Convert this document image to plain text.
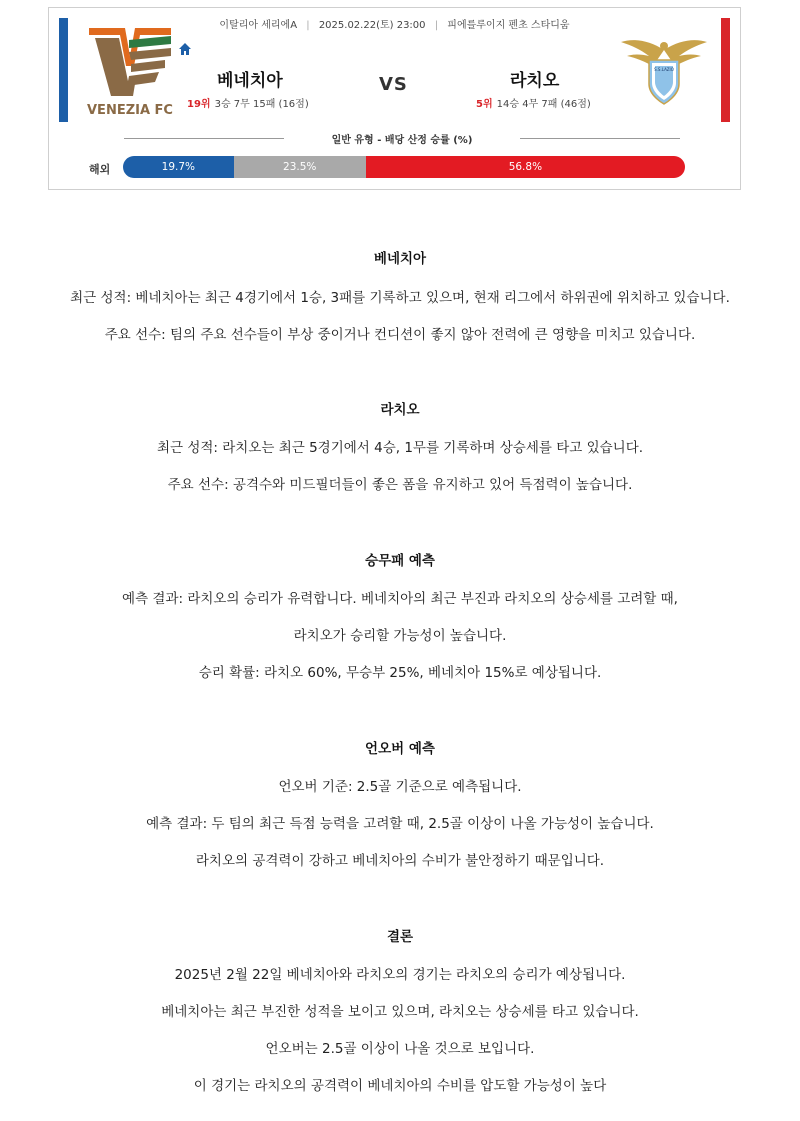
이탈리아 세리에A | 2025.02.22(토) 23:00 | 피에를루이지 펜초 스타디움
VENEZIA FC
베네치아
19위 3승 7무 15패 (16점)
VS	라치오
5위 14승 4무 7패 (46점)
S.S.LAZIO
일반 유형 - 배당 산정 승률 (%)
해외	19.7%	23.5%	56.8%
베네치아
최근 성적: 베네치아는 최근 4경기에서 1승, 3패를 기록하고 있으며, 현재 리그에서 하위권에 위치하고 있습니다.
주요 선수: 팀의 주요 선수들이 부상 중이거나 컨디션이 좋지 않아 전력에 큰 영향을 미치고 있습니다.
라치오
최근 성적: 라치오는 최근 5경기에서 4승, 1무를 기록하며 상승세를 타고 있습니다.
주요 선수: 공격수와 미드필더들이 좋은 폼을 유지하고 있어 득점력이 높습니다.
승무패 예측
예측 결과: 라치오의 승리가 유력합니다. 베네치아의 최근 부진과 라치오의 상승세를 고려할 때,
라치오가 승리할 가능성이 높습니다.
승리 확률: 라치오 60%, 무승부 25%, 베네치아 15%로 예상됩니다.
언오버 예측
언오버 기준: 2.5골 기준으로 예측됩니다.
예측 결과: 두 팀의 최근 득점 능력을 고려할 때, 2.5골 이상이 나올 가능성이 높습니다.
라치오의 공격력이 강하고 베네치아의 수비가 불안정하기 때문입니다.
결론
2025년 2월 22일 베네치아와 라치오의 경기는 라치오의 승리가 예상됩니다.
베네치아는 최근 부진한 성적을 보이고 있으며, 라치오는 상승세를 타고 있습니다.
언오버는 2.5골 이상이 나올 것으로 보입니다.
이 경기는 라치오의 공격력이 베네치아의 수비를 압도할 가능성이 높다
